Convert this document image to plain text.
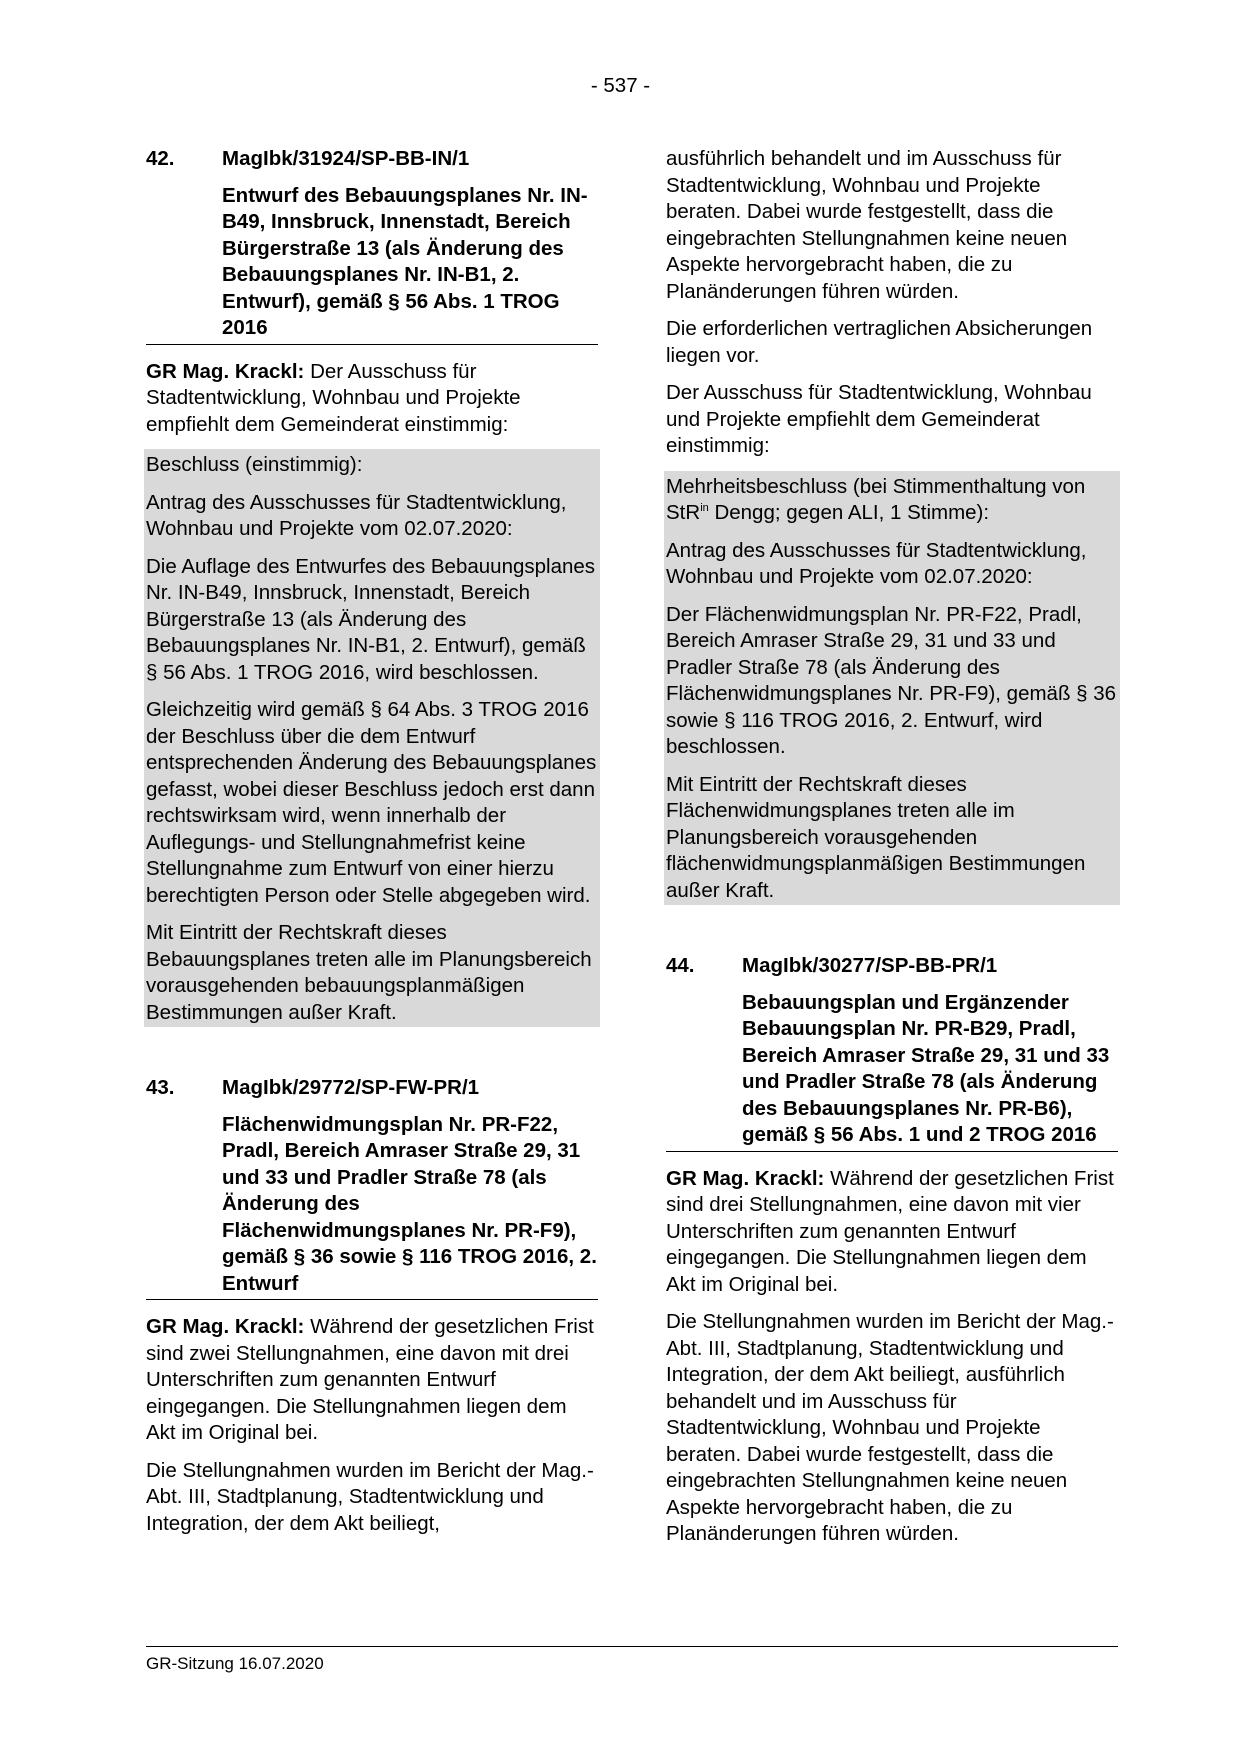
- 537 -
42.	MagIbk/31924/SP-BB-IN/1
Entwurf des Bebauungsplanes Nr. IN-B49, Innsbruck, Innenstadt, Bereich Bürgerstraße 13 (als Änderung des Bebauungsplanes Nr. IN-B1, 2. Entwurf), gemäß § 56 Abs. 1 TROG 2016

GR Mag. Krackl: Der Ausschuss für Stadtentwicklung, Wohnbau und Projekte empfiehlt dem Gemeinderat einstimmig:

Beschluss (einstimmig):

Antrag des Ausschusses für Stadtentwicklung, Wohnbau und Projekte vom 02.07.2020:

Die Auflage des Entwurfes des Bebauungsplanes Nr. IN-B49, Innsbruck, Innenstadt, Bereich Bürgerstraße 13 (als Änderung des Bebauungsplanes Nr. IN-B1, 2. Entwurf), gemäß § 56 Abs. 1 TROG 2016, wird beschlossen.

Gleichzeitig wird gemäß § 64 Abs. 3 TROG 2016 der Beschluss über die dem Entwurf entsprechenden Änderung des Bebauungsplanes gefasst, wobei dieser Beschluss jedoch erst dann rechtswirksam wird, wenn innerhalb der Auflegungs- und Stellungnahmefrist keine Stellungnahme zum Entwurf von einer hierzu berechtigten Person oder Stelle abgegeben wird.

Mit Eintritt der Rechtskraft dieses Bebauungsplanes treten alle im Planungsbereich vorausgehenden bebauungsplanmäßigen Bestimmungen außer Kraft.

43.	MagIbk/29772/SP-FW-PR/1
Flächenwidmungsplan Nr. PR-F22, Pradl, Bereich Amraser Straße 29, 31 und 33 und Pradler Straße 78 (als Änderung des Flächenwidmungsplanes Nr. PR-F9), gemäß § 36 sowie § 116 TROG 2016, 2. Entwurf

GR Mag. Krackl: Während der gesetzlichen Frist sind zwei Stellungnahmen, eine davon mit drei Unterschriften zum genannten Entwurf eingegangen. Die Stellungnahmen liegen dem Akt im Original bei.

Die Stellungnahmen wurden im Bericht der Mag.-Abt. III, Stadtplanung, Stadtentwicklung und Integration, der dem Akt beiliegt,

ausführlich behandelt und im Ausschuss für Stadtentwicklung, Wohnbau und Projekte beraten. Dabei wurde festgestellt, dass die eingebrachten Stellungnahmen keine neuen Aspekte hervorgebracht haben, die zu Planänderungen führen würden.

Die erforderlichen vertraglichen Absicherungen liegen vor.

Der Ausschuss für Stadtentwicklung, Wohnbau und Projekte empfiehlt dem Gemeinderat einstimmig:

Mehrheitsbeschluss (bei Stimmenthaltung von StR$^{in}$ Dengg; gegen ALI, 1 Stimme):

Antrag des Ausschusses für Stadtentwicklung, Wohnbau und Projekte vom 02.07.2020:

Der Flächenwidmungsplan Nr. PR-F22, Pradl, Bereich Amraser Straße 29, 31 und 33 und Pradler Straße 78 (als Änderung des Flächenwidmungsplanes Nr. PR-F9), gemäß § 36 sowie § 116 TROG 2016, 2. Entwurf, wird beschlossen.

Mit Eintritt der Rechtskraft dieses Flächenwidmungsplanes treten alle im Planungsbereich vorausgehenden flächenwidmungsplanmäßigen Bestimmungen außer Kraft.

44.	MagIbk/30277/SP-BB-PR/1
Bebauungsplan und Ergänzender Bebauungsplan Nr. PR-B29, Pradl, Bereich Amraser Straße 29, 31 und 33 und Pradler Straße 78 (als Änderung des Bebauungsplanes Nr. PR-B6), gemäß § 56 Abs. 1 und 2 TROG 2016

GR Mag. Krackl: Während der gesetzlichen Frist sind drei Stellungnahmen, eine davon mit vier Unterschriften zum genannten Entwurf eingegangen. Die Stellungnahmen liegen dem Akt im Original bei.

Die Stellungnahmen wurden im Bericht der Mag.-Abt. III, Stadtplanung, Stadtentwicklung und Integration, der dem Akt beiliegt, ausführlich behandelt und im Ausschuss für Stadtentwicklung, Wohnbau und Projekte beraten. Dabei wurde festgestellt, dass die eingebrachten Stellungnahmen keine neuen Aspekte hervorgebracht haben, die zu Planänderungen führen würden.

GR-Sitzung 16.07.2020
